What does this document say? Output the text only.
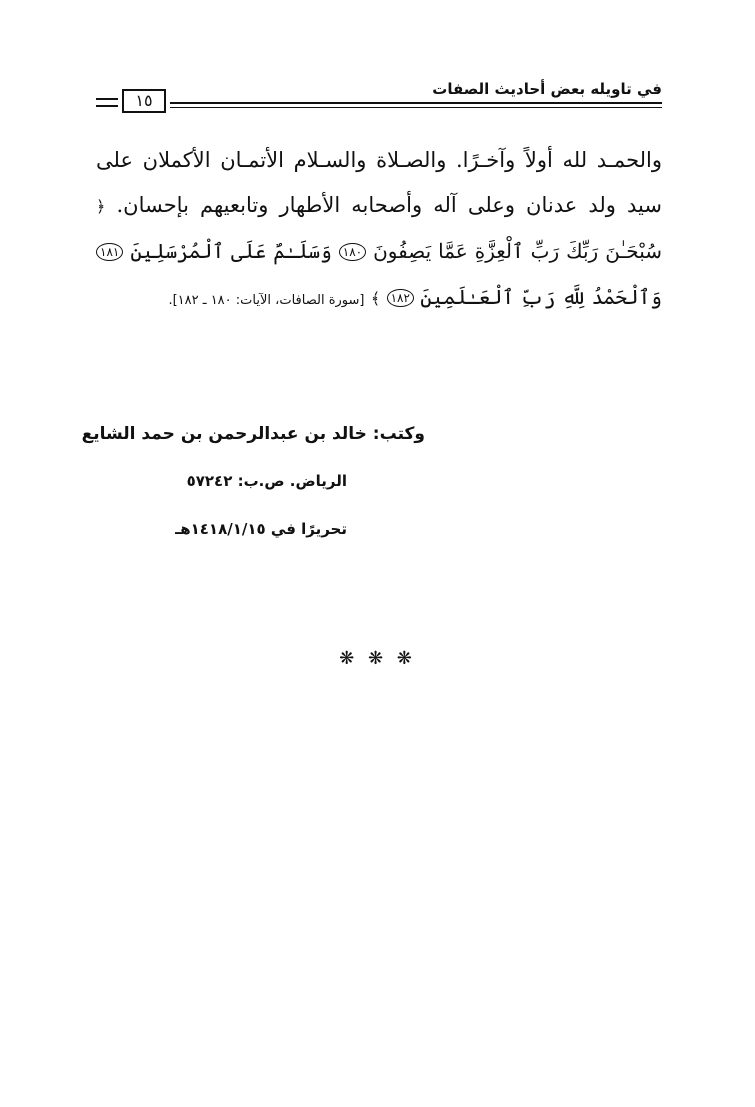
في تاويله بعض أحاديث الصفات
١٥

والحمـد لله أولاً وآخـرًا. والصـلاة والسـلام الأتمـان الأكملان على سيد ولد عدنان وعلى آله وأصحابه الأطهار وتابعيهم بإحسان. ﴿ سُبْحَـٰنَ رَبِّكَ رَبِّ ٱلْعِزَّةِ عَمَّا يَصِفُونَ ١٨٠ وَسَلَـٰمٌ عَلَى ٱلْمُرْسَلِينَ ١٨١ وَٱلْحَمْدُ لِلَّهِ رَبِّ ٱلْعَـٰلَمِينَ ١٨٢ ﴾ [سورة الصافات، الآيات: ١٨٠ ـ ١٨٢].

وكتب: خالد بن عبدالرحمن بن حمد الشايع
الرياض. ص.ب: ٥٧٢٤٢
تحريرًا في ١٤١٨/١/١٥هـ
❋ ❋ ❋
